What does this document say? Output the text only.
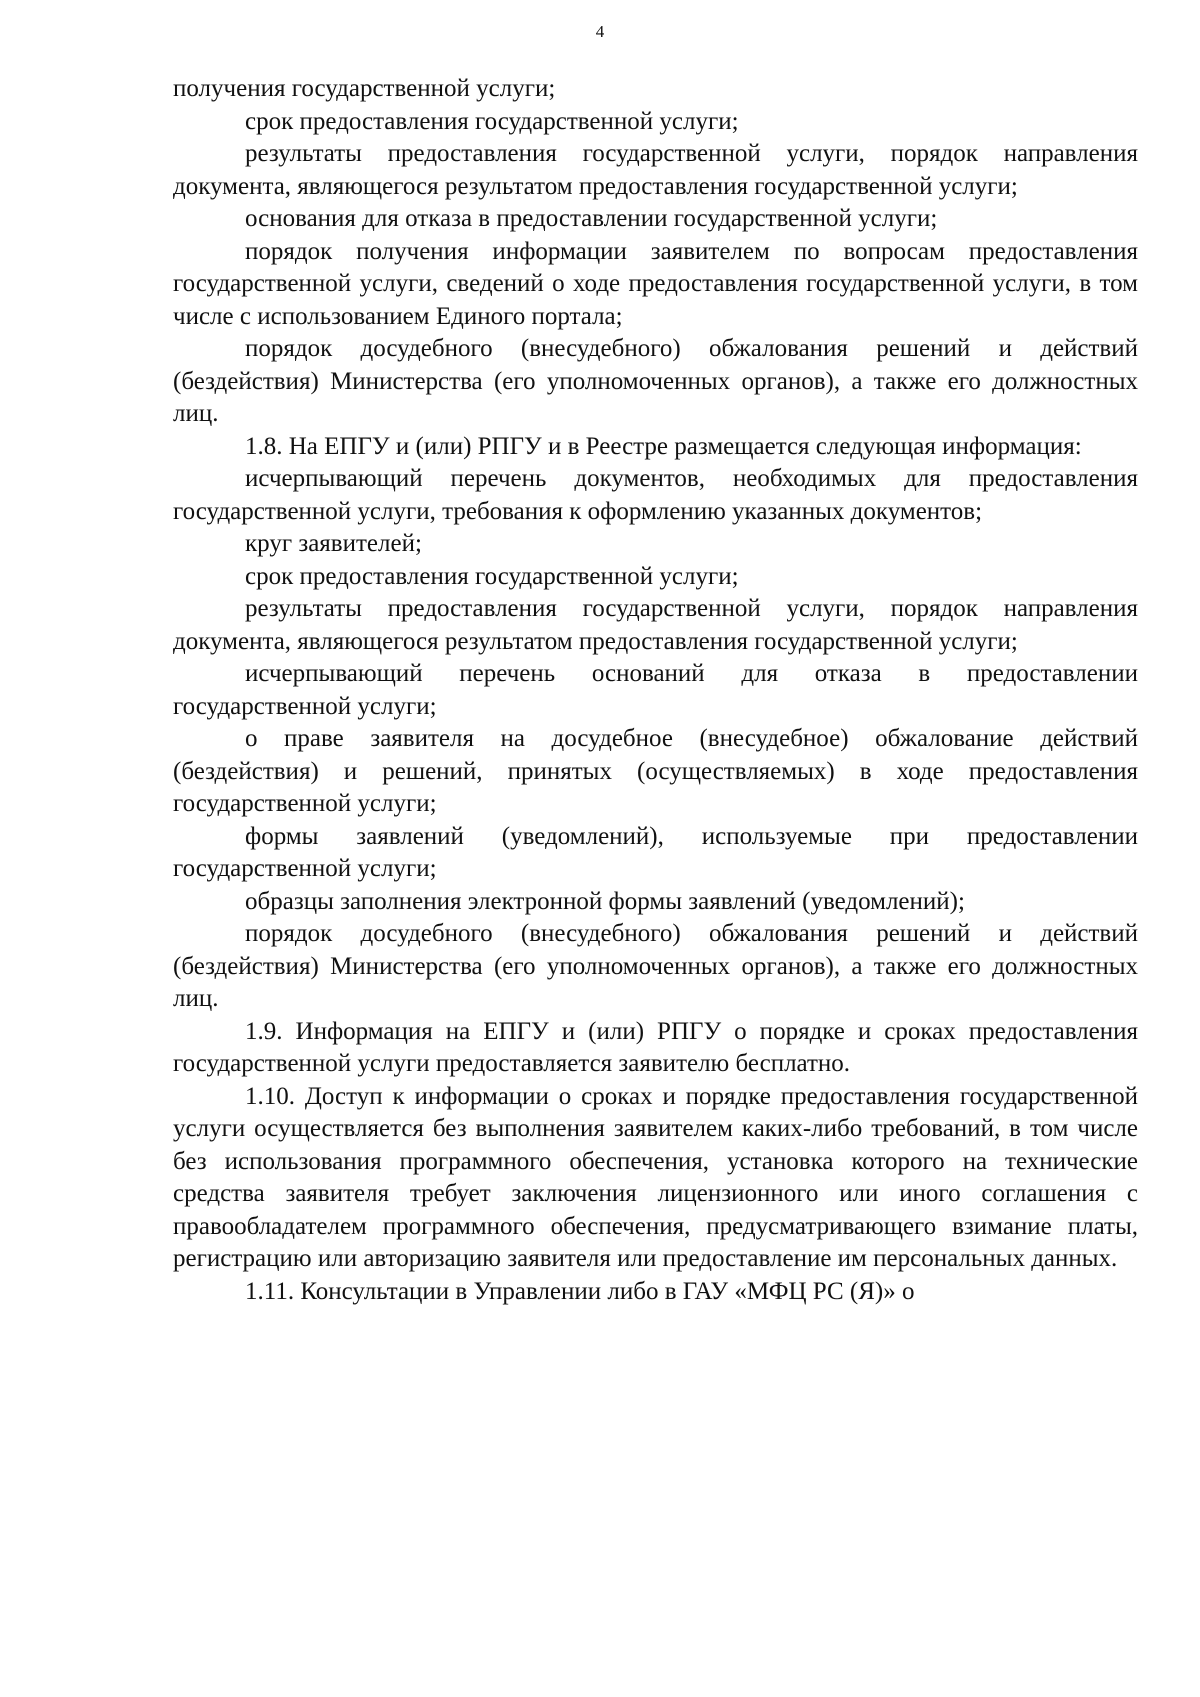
4

получения государственной услуги;

срок предоставления государственной услуги;

результаты предоставления государственной услуги, порядок направления документа, являющегося результатом предоставления государственной услуги;

основания для отказа в предоставлении государственной услуги;

порядок получения информации заявителем по вопросам предоставления государственной услуги, сведений о ходе предоставления государственной услуги, в том числе с использованием Единого портала;

порядок досудебного (внесудебного) обжалования решений и действий (бездействия) Министерства (его уполномоченных органов), а также его должностных лиц.

1.8. На ЕПГУ и (или) РПГУ и в Реестре размещается следующая информация:

исчерпывающий перечень документов, необходимых для предоставления государственной услуги, требования к оформлению указанных документов;

круг заявителей;

срок предоставления государственной услуги;

результаты предоставления государственной услуги, порядок направления документа, являющегося результатом предоставления государственной услуги;

исчерпывающий перечень оснований для отказа в предоставлении государственной услуги;

о праве заявителя на досудебное (внесудебное) обжалование действий (бездействия) и решений, принятых (осуществляемых) в ходе предоставления государственной услуги;

формы заявлений (уведомлений), используемые при предоставлении государственной услуги;

образцы заполнения электронной формы заявлений (уведомлений);

порядок досудебного (внесудебного) обжалования решений и действий (бездействия) Министерства (его уполномоченных органов), а также его должностных лиц.

1.9. Информация на ЕПГУ и (или) РПГУ о порядке и сроках предоставления государственной услуги предоставляется заявителю бесплатно.

1.10. Доступ к информации о сроках и порядке предоставления государственной услуги осуществляется без выполнения заявителем каких-либо требований, в том числе без использования программного обеспечения, установка которого на технические средства заявителя требует заключения лицензионного или иного соглашения с правообладателем программного обеспечения, предусматривающего взимание платы, регистрацию или авторизацию заявителя или предоставление им персональных данных.

1.11. Консультации в Управлении либо в ГАУ «МФЦ РС (Я)» о
